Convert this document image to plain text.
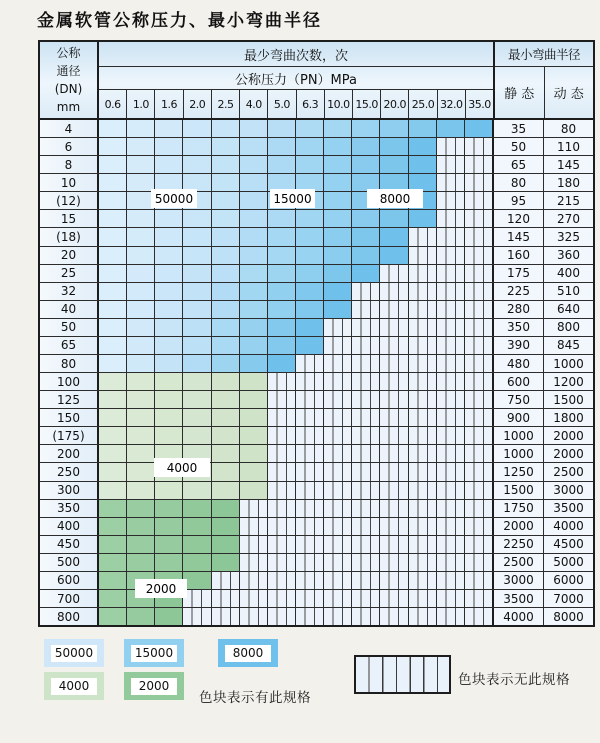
金属软管公称压力、最小弯曲半径
公称
通径
(DN)
mm
最少弯曲次数，次
公称压力（PN）MPa
0.6	1.0	1.6	2.0	2.5	4.0	5.0	6.3 10.0 15.0 20.0 25.0 32.0 35.0
最小弯曲半径
静 态	动 态
4	35	80
6	50	110
8	65	145
10	80	180
(12)	95	215
15	120	270
(18)	145	325
20	160	360
25	175	400
32	225	510
40	280	640
50	350	800
65	390	845
80	480	1000
100	600	1200
125	750	1500
150	900	1800
(175)	1000	2000
200	1000	2000
250	1250	2500
300	1500	3000
350	1750	3500
400	2000	4000
450	2250	4500
500	2500	5000
600	3000	6000
700	3500	7000
800	4000	8000
50000	15000	8000
4000
2000
50000	15000	8000
4000	2000
色块表示有此规格
色块表示无此规格
